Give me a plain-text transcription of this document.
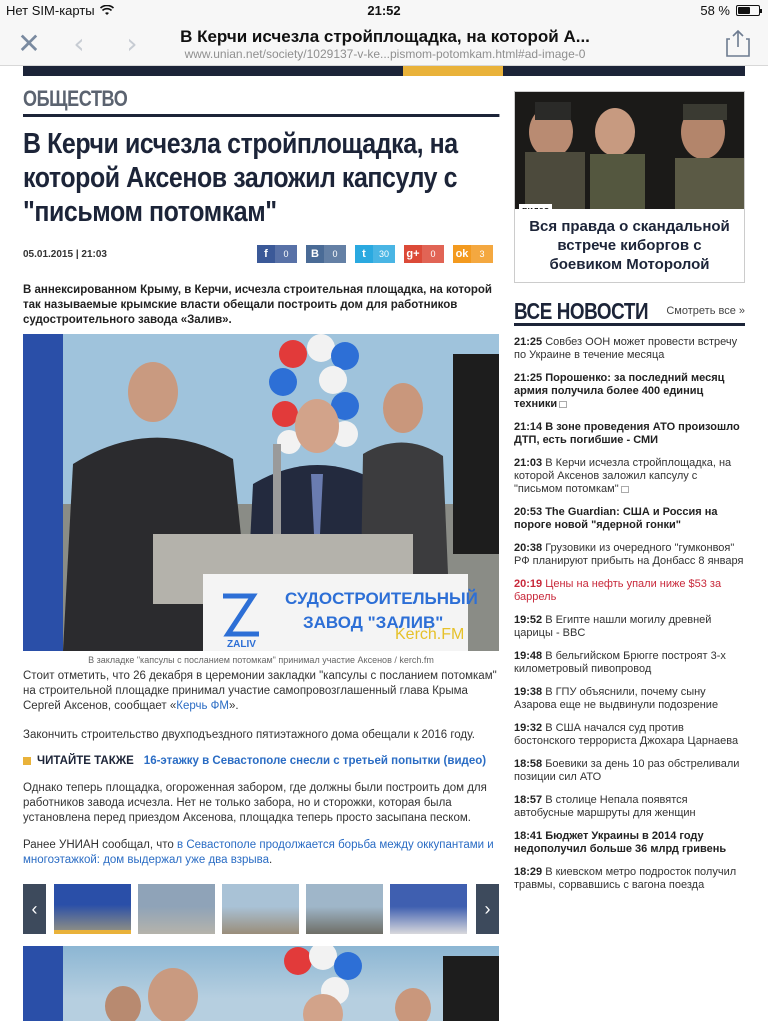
Нет SIM-карты	21:52	58 %
✕	‹	›	В Керчи исчезла стройплощадка, на которой А...
www.unian.net/society/1029137-v-ke...pismom-potomkam.html#ad-image-0
ОБЩЕСТВО
В Керчи исчезла стройплощадка, на которой Аксенов заложил капсулу с "письмом потомкам"
05.01.2015 | 21:03	f	0	B	0	t	30	g+	0	ok	3

В аннексированном Крыму, в Керчи, исчезла строительная площадка, на которой так называемые крымские власти обещали построить дом для работников судостроительного завода «Залив».

СУДОСТРОИТЕЛЬНЫЙ
ЗАВОД "ЗАЛИВ"
ZALIV
Kerch.FM
В закладке "капсулы с посланием потомкам" принимал участие Аксенов / kerch.fm

Стоит отметить, что 26 декабря в церемонии закладки "капсулы с посланием потомкам" на строительной площадке принимал участие самопровозглашенный глава Крыма Сергей Аксенов, сообщает «Керчь ФМ».

Закончить строительство двухподъездного пятиэтажного дома обещали к 2016 году.

ЧИТАЙТЕ ТАКЖЕ 16-этажку в Севастополе снесли с третьей попытки (видео)

Однако теперь площадка, огороженная забором, где должны были построить дом для работников завода исчезла. Нет не только забора, но и сторожки, которая была установлена перед приездом Аксенова, площадка теперь просто засыпана песком.

Ранее УНИАН сообщал, что в Севастополе продолжается борьба между оккупантами и многоэтажкой: дом выдержал уже два взрыва.

‹	›
Вся правда о скандальной встрече киборгов с боевиком Моторолой
ВСЕ НОВОСТИ Смотреть все »
21:25 Совбез ООН может провести встречу по Украине в течение месяца
21:25 Порошенко: за последний месяц армия получила более 400 единиц техники
21:14 В зоне проведения АТО произошло ДТП, есть погибшие - СМИ
21:03 В Керчи исчезла стройплощадка, на которой Аксенов заложил капсулу с "письмом потомкам"
20:53 The Guardian: США и Россия на пороге новой "ядерной гонки"
20:38 Грузовики из очередного "гумконвоя" РФ планируют прибыть на Донбасс 8 января
20:19 Цены на нефть упали ниже $53 за баррель
19:52 В Египте нашли могилу древней царицы - BBC
19:48 В бельгийском Брюгге построят 3-х километровый пивопровод
19:38 В ГПУ объяснили, почему сыну Азарова еще не выдвинули подозрение
19:32 В США начался суд против бостонского террориста Джохара Царнаева
18:58 Боевики за день 10 раз обстреливали позиции сил АТО
18:57 В столице Непала появятся автобусные маршруты для женщин
18:41 Бюджет Украины в 2014 году недополучил больше 36 млрд гривень
18:29 В киевском метро подросток получил травмы, сорвавшись с вагона поезда
